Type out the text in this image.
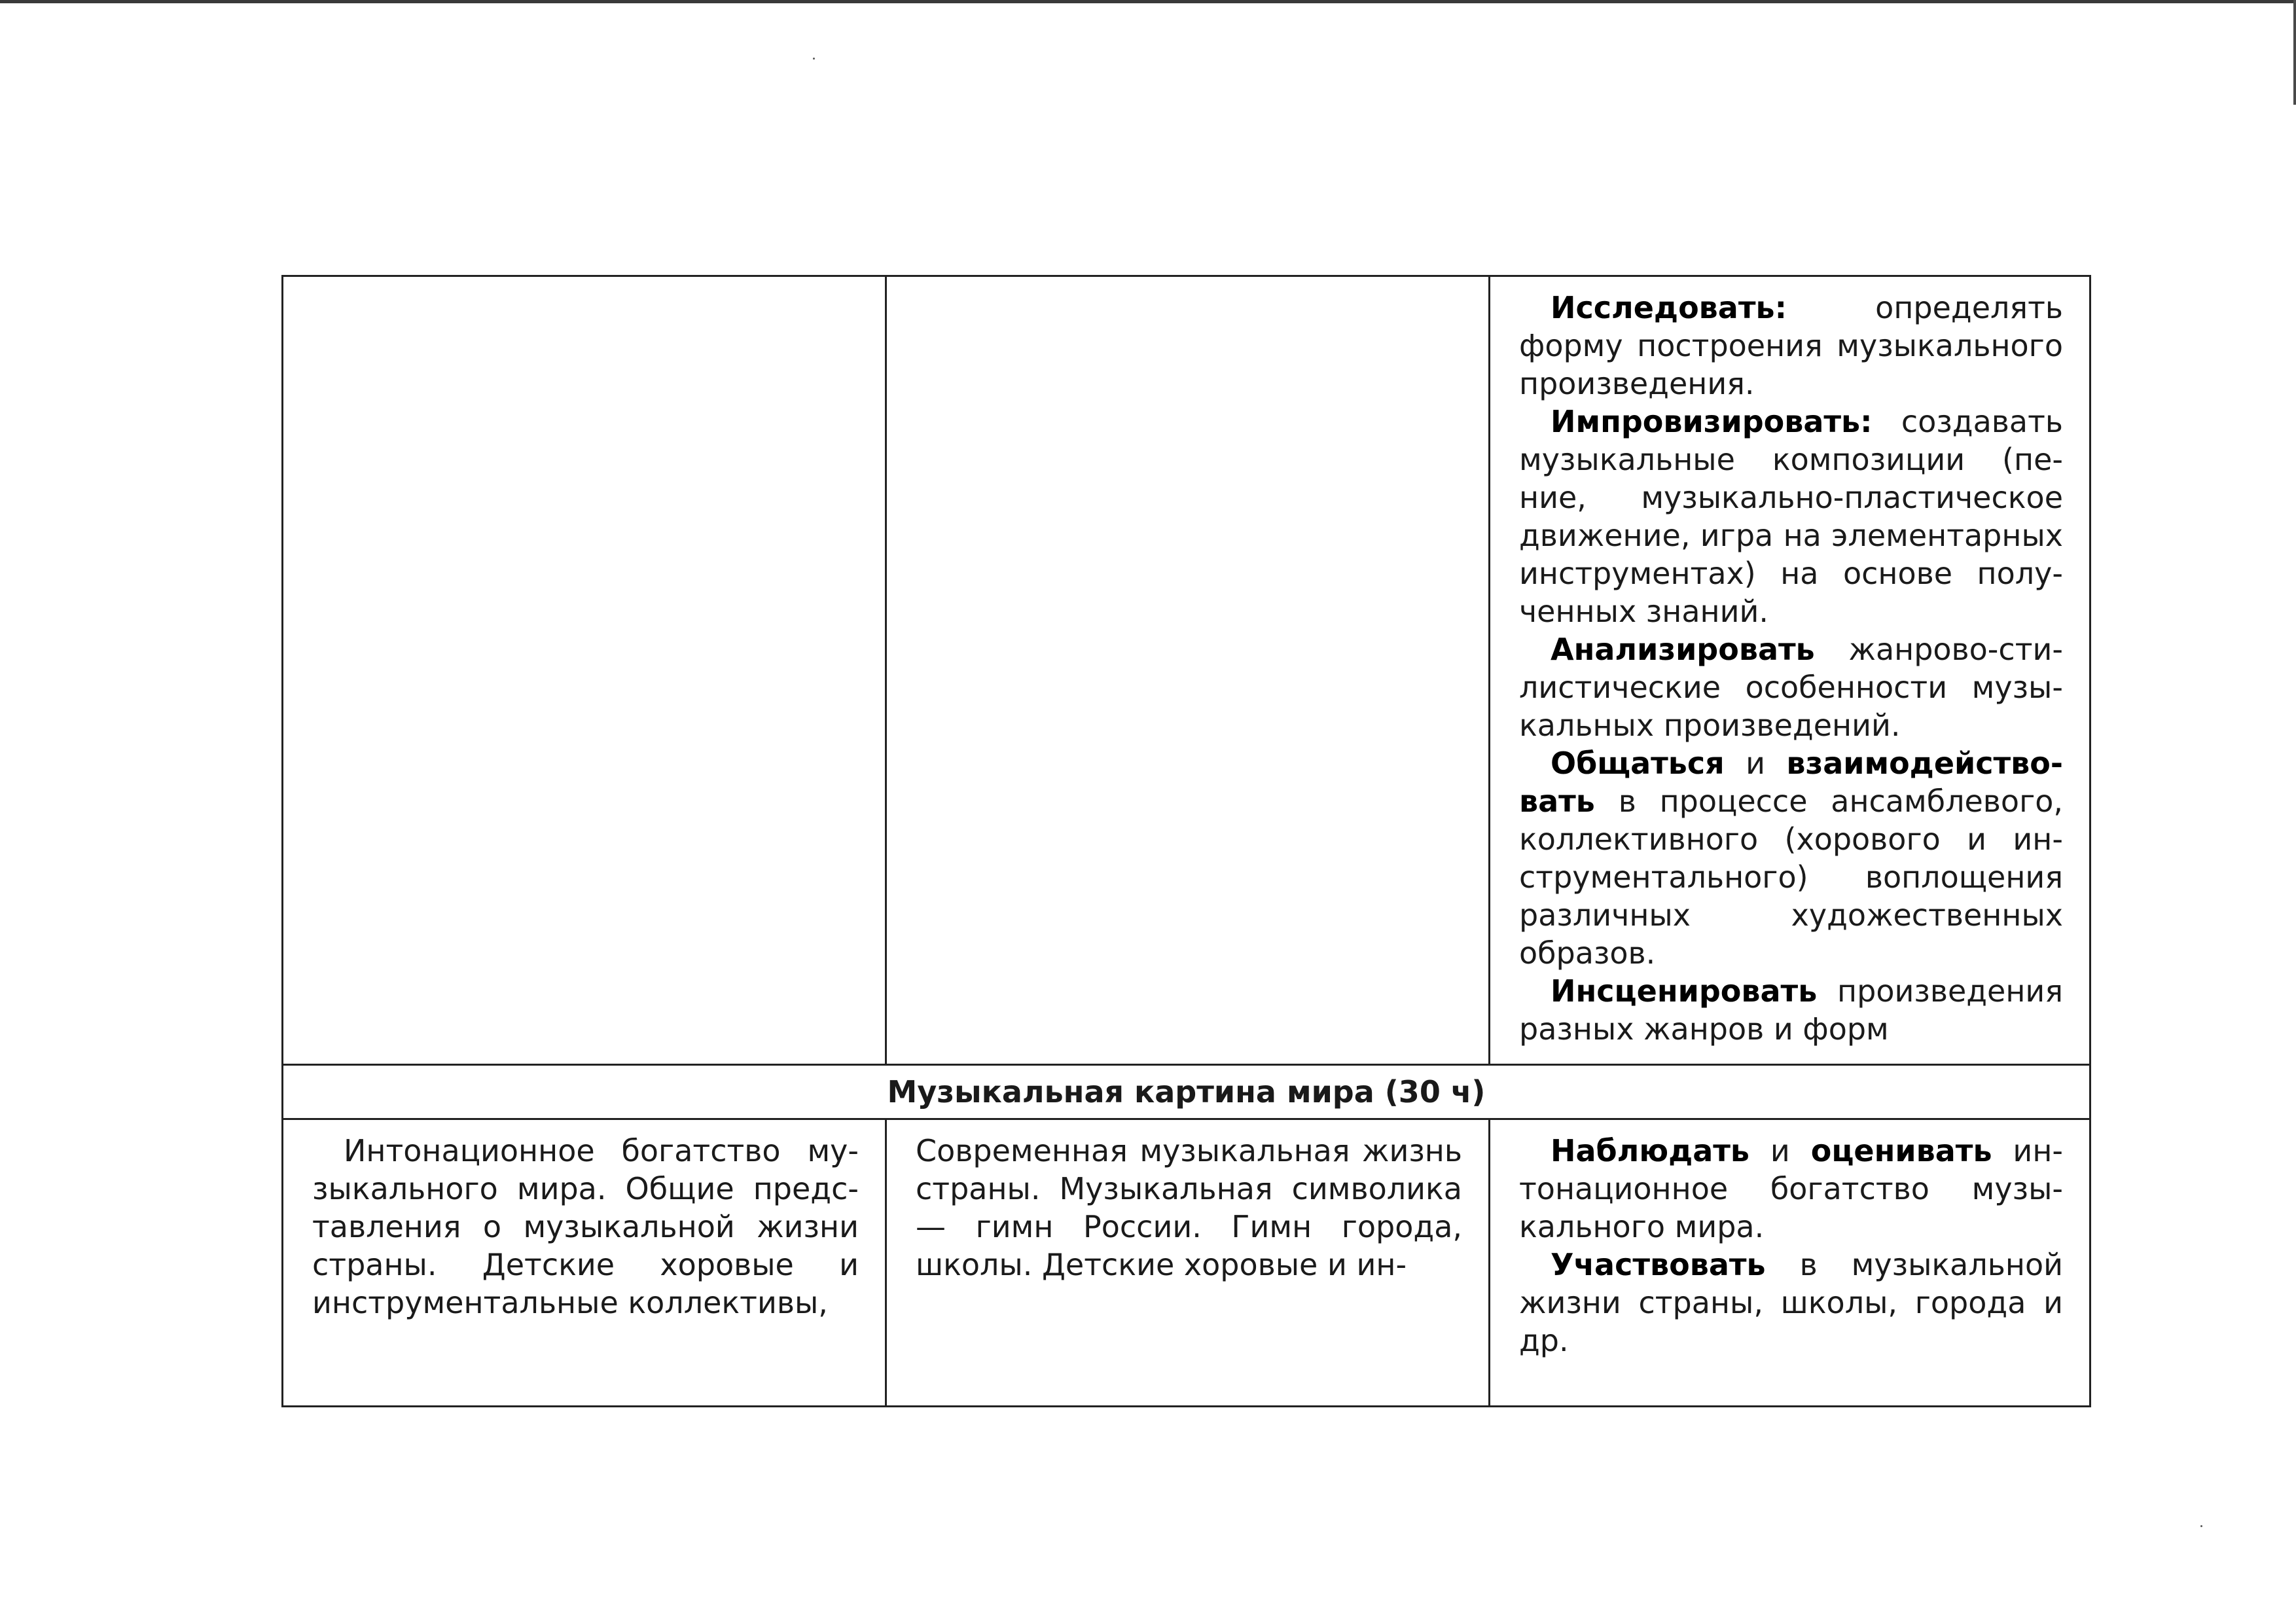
		Исследовать: определять форму построения музыкального произведения.

Импровизировать: создавать музыкальные композиции (пение, музыкально-пластическое движение, игра на элементарных инструментах) на основе полученных знаний.

Анализировать жанрово-стилистические особенности музыкальных произведений.

Общаться и взаимодействовать в процессе ансамблевого, коллективного (хорового и инструментального) воплощения различных художественных образов.

Инсценировать произведения разных жанров и форм

Музыкальная картина мира (30 ч)		

Интонационное богатство музыкального мира. Общие представления о музыкальной жизни страны. Детские хоровые и инструментальные коллективы,	Современная музыкальная жизнь страны. Музыкальная символика — гимн России. Гимн города, школы. Детские хоровые и ин-	Наблюдать и оценивать интонационное богатство музыкального мира.

Участвовать в музыкальной жизни страны, школы, города и др.
